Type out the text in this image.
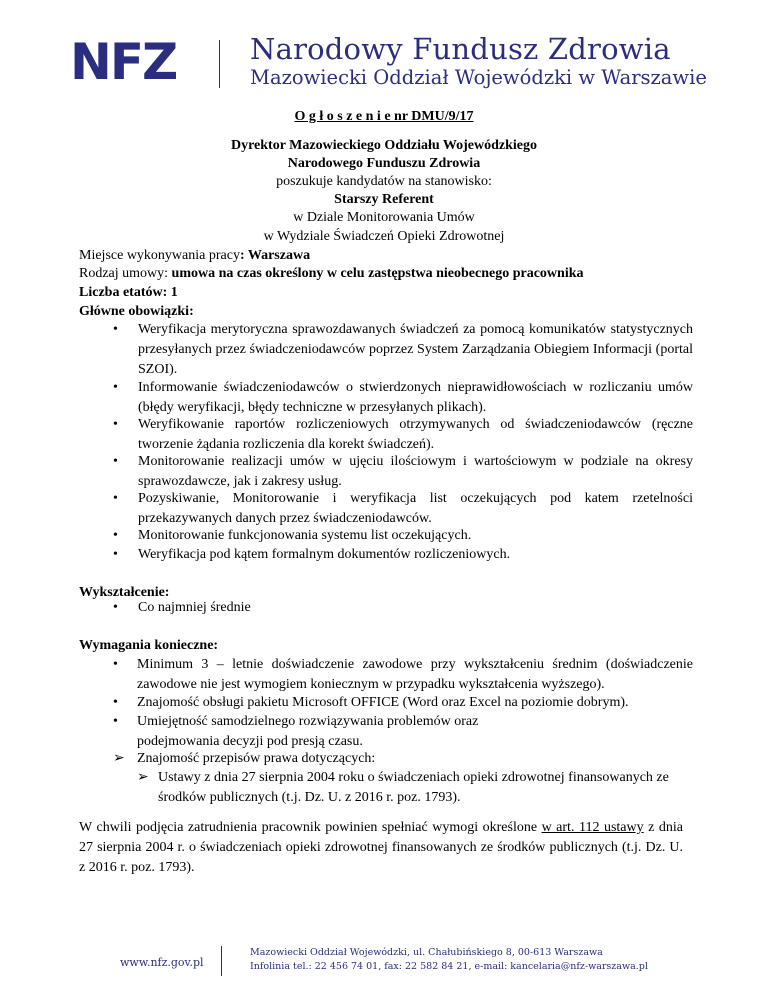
NFZ	Narodowy Fundusz Zdrowia
Mazowiecki Oddział Wojewódzki w Warszawie
O g ł o s z e n i e nr DMU/9/17
Dyrektor Mazowieckiego Oddziału Wojewódzkiego
Narodowego Funduszu Zdrowia
poszukuje kandydatów na stanowisko:
Starszy Referent
w Dziale Monitorowania Umów
w Wydziale Świadczeń Opieki Zdrowotnej
Miejsce wykonywania pracy: Warszawa
Rodzaj umowy: umowa na czas określony w celu zastępstwa nieobecnego pracownika
Liczba etatów: 1
Główne obowiązki:
• Weryfikacja merytoryczna sprawozdawanych świadczeń za pomocą komunikatów statystycznych przesyłanych przez świadczeniodawców poprzez System Zarządzania Obiegiem Informacji (portal SZOI).
• Informowanie świadczeniodawców o stwierdzonych nieprawidłowościach w rozliczaniu umów (błędy weryfikacji, błędy techniczne w przesyłanych plikach).
• Weryfikowanie raportów rozliczeniowych otrzymywanych od świadczeniodawców (ręczne tworzenie żądania rozliczenia dla korekt świadczeń).
• Monitorowanie realizacji umów w ujęciu ilościowym i wartościowym w podziale na okresy sprawozdawcze, jak i zakresy usług.
• Pozyskiwanie, Monitorowanie i weryfikacja list oczekujących pod katem rzetelności przekazywanych danych przez świadczeniodawców.
• Monitorowanie funkcjonowania systemu list oczekujących.
• Weryfikacja pod kątem formalnym dokumentów rozliczeniowych.
Wykształcenie:
• Co najmniej średnie
Wymagania konieczne:
• Minimum 3 – letnie doświadczenie zawodowe przy wykształceniu średnim (doświadczenie zawodowe nie jest wymogiem koniecznym w przypadku wykształcenia wyższego).
• Znajomość obsługi pakietu Microsoft OFFICE (Word oraz Excel na poziomie dobrym).
• Umiejętność samodzielnego rozwiązywania problemów oraz podejmowania decyzji pod presją czasu.
➢ Znajomość przepisów prawa dotyczących:
➢ Ustawy z dnia 27 sierpnia 2004 roku o świadczeniach opieki zdrowotnej finansowanych ze środków publicznych (t.j. Dz. U. z 2016 r. poz. 1793).
W chwili podjęcia zatrudnienia pracownik powinien spełniać wymogi określone w art. 112 ustawy z dnia 27 sierpnia 2004 r. o świadczeniach opieki zdrowotnej finansowanych ze środków publicznych (t.j. Dz. U. z 2016 r. poz. 1793).
www.nfz.gov.pl
Mazowiecki Oddział Wojewódzki, ul. Chałubińskiego 8, 00-613 Warszawa
Infolinia tel.: 22 456 74 01, fax: 22 582 84 21, e-mail: kancelaria@nfz-warszawa.pl
